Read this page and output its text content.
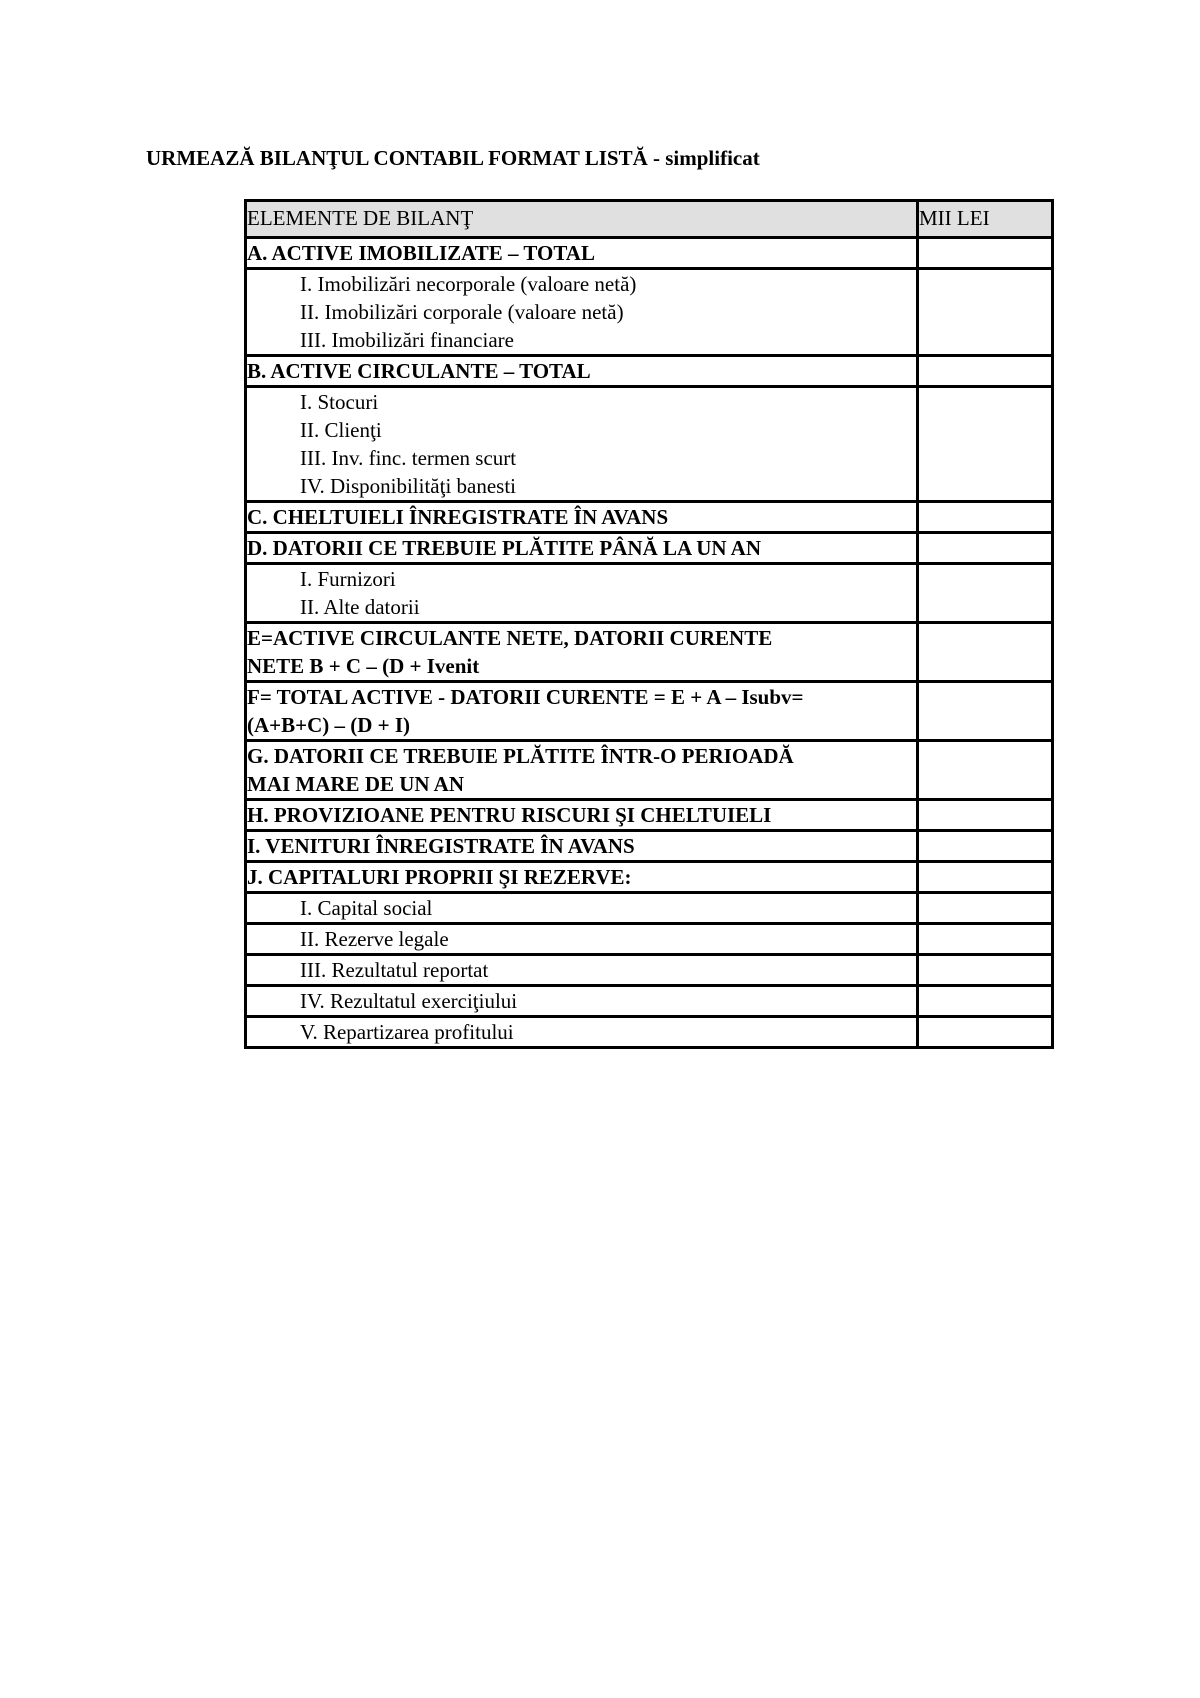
URMEAZĂ BILANŢUL CONTABIL FORMAT LISTĂ - simplificat
ELEMENTE DE BILANŢ	MII LEI
A. ACTIVE IMOBILIZATE – TOTAL	

I. Imobilizări necorporale (valoare netă)
II. Imobilizări corporale (valoare netă)
III. Imobilizări financiare	

B. ACTIVE CIRCULANTE – TOTAL	

I. Stocuri
II. Clienţi
III. Inv. finc. termen scurt
IV. Disponibilităţi banesti	

C. CHELTUIELI ÎNREGISTRATE ÎN AVANS	
D. DATORII CE TREBUIE PLĂTITE PÂNĂ LA UN AN	

I. Furnizori
II. Alte datorii	

E=ACTIVE CIRCULANTE NETE, DATORII CURENTE
NETE B + C – (D + Ivenit	

F= TOTAL ACTIVE - DATORII CURENTE = E + A – Isubv=
(A+B+C) – (D + I)	

G. DATORII CE TREBUIE PLĂTITE ÎNTR-O PERIOADĂ
MAI MARE DE UN AN	

H. PROVIZIOANE PENTRU RISCURI ŞI CHELTUIELI	
I. VENITURI ÎNREGISTRATE ÎN AVANS	
J. CAPITALURI PROPRII ŞI REZERVE:	
I. Capital social	
II. Rezerve legale	
III. Rezultatul reportat	
IV. Rezultatul exerciţiului	
V. Repartizarea profitului	
